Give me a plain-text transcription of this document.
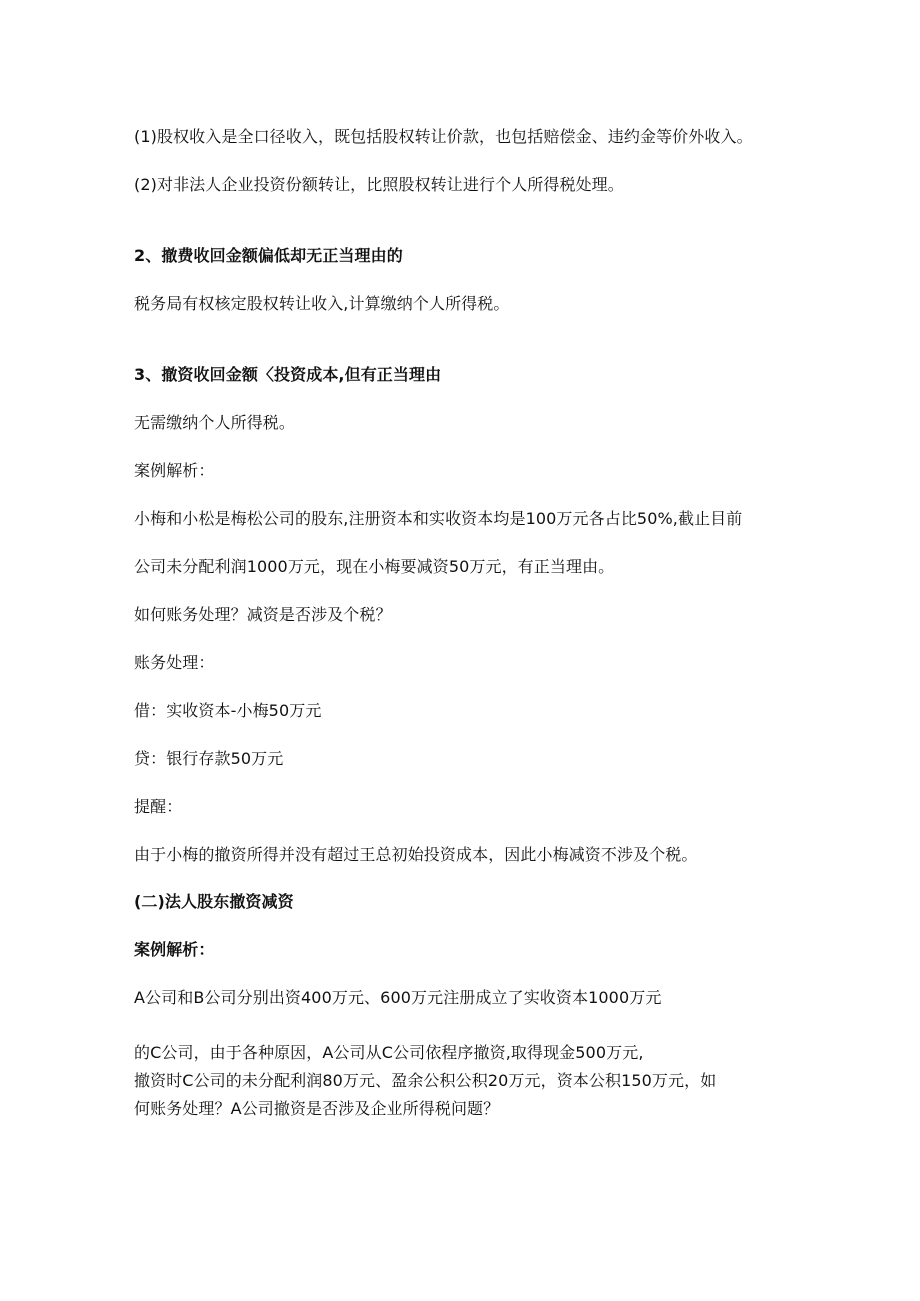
(1)股权收入是全口径收入，既包括股权转让价款，也包括赔偿金、违约金等价外收入。
(2)对非法人企业投资份额转让，比照股权转让进行个人所得税处理。
2、撤费收回金额偏低却无正当理由的
税务局有权核定股权转让收入,计算缴纳个人所得税。
3、撤资收回金额〈投资成本,但有正当理由
无需缴纳个人所得税。
案例解析：
小梅和小松是梅松公司的股东,注册资本和实收资本均是100万元各占比50%,截止目前
公司未分配利润1000万元，现在小梅要减资50万元，有正当理由。
如何账务处理？减资是否涉及个税？
账务处理：
借：实收资本-小梅50万元
贷：银行存款50万元
提醒：
由于小梅的撤资所得并没有超过王总初始投资成本，因此小梅减资不涉及个税。
(二)法人股东撤资减资
案例解析：
A公司和B公司分别出资400万元、600万元注册成立了实收资本1000万元
的C公司，由于各种原因，A公司从C公司依程序撤资,取得现金500万元,
撤资时C公司的未分配利润80万元、盈余公积公积20万元，资本公积150万元，如
何账务处理？A公司撤资是否涉及企业所得税问题？
